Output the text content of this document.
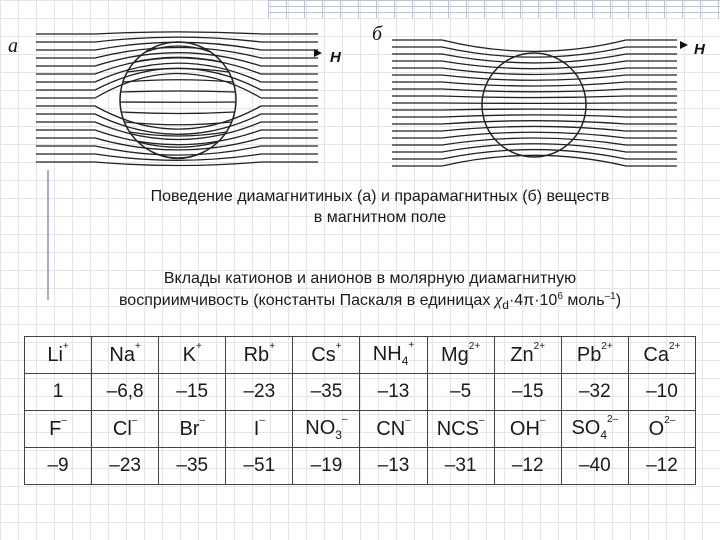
а
H
б
H
Поведение диамагнитиных (а) и прарамагнитных (б) веществ
в магнитном поле
Вклады катионов и анионов в молярную диамагнитную
восприимчивость (константы Паскаля в единицах $\chi_d\cdot 4\pi\cdot 10^6$ моль$^{-1}$)
Li+	Na+	K+	Rb+	Cs+	$NH_4^+$	$Mg^{2+}$	$Zn^{2+}$	$Pb^{2+}$	$Ca^{2+}$
1	–6,8	–15	–23	–35	–13	–5	–15	–32	–10
F–	Cl–	Br–	I–	$NO_3^-$	CN–	NCS–	OH–	$SO_4^{2-}$	$O^{2-}$
–9	–23	–35	–51	–19	–13	–31	–12	–40	–12
